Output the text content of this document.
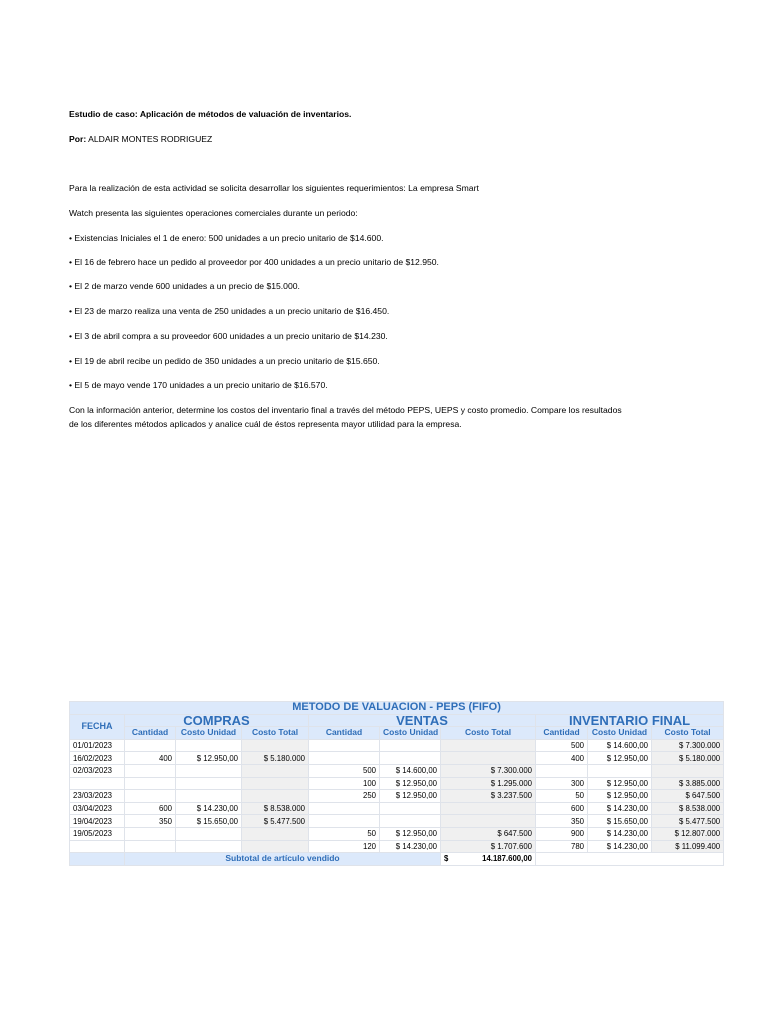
Estudio de caso: Aplicación de métodos de valuación de inventarios.
Por: ALDAIR MONTES RODRIGUEZ
Para la realización de esta actividad se solicita desarrollar los siguientes requerimientos: La empresa Smart
Watch presenta las siguientes operaciones comerciales durante un periodo:
• Existencias Iniciales el 1 de enero: 500 unidades a un precio unitario de $14.600.
• El 16 de febrero hace un pedido al proveedor por 400 unidades a un precio unitario de $12.950.
• El 2 de marzo vende 600 unidades a un precio de $15.000.
• El 23 de marzo realiza una venta de 250 unidades a un precio unitario de $16.450.
• El 3 de abril compra a su proveedor 600 unidades a un precio unitario de $14.230.
• El 19 de abril recibe un pedido de 350 unidades a un precio unitario de $15.650.
• El 5 de mayo vende 170 unidades a un precio unitario de $16.570.
Con la información anterior, determine los costos del inventario final a través del método PEPS, UEPS y costo promedio. Compare los resultados
de los diferentes métodos aplicados y analice cuál de éstos representa mayor utilidad para la empresa.
METODO DE VALUACION - PEPS (FIFO)									
FECHA	COMPRAS			VENTAS			INVENTARIO FINAL		
	Cantidad	Costo Unidad	Costo Total	Cantidad	Costo Unidad	Costo Total	Cantidad	Costo Unidad	Costo Total
01/01/2023							500	$ 14.600,00	$ 7.300.000
16/02/2023	400	$ 12.950,00	$ 5.180.000				400	$ 12.950,00	$ 5.180.000
02/03/2023				500	$ 14.600,00	$ 7.300.000			
				100	$ 12.950,00	$ 1.295.000	300	$ 12.950,00	$ 3.885.000
23/03/2023				250	$ 12.950,00	$ 3.237.500	50	$ 12.950,00	$ 647.500
03/04/2023	600	$ 14.230,00	$ 8.538.000				600	$ 14.230,00	$ 8.538.000
19/04/2023	350	$ 15.650,00	$ 5.477.500				350	$ 15.650,00	$ 5.477.500
19/05/2023				50	$ 12.950,00	$ 647.500	900	$ 14.230,00	$ 12.807.000
				120	$ 14.230,00	$ 1.707.600	780	$ 14.230,00	$ 11.099.400
	Subtotal de artículo vendido					$ 14.187.600,00			
